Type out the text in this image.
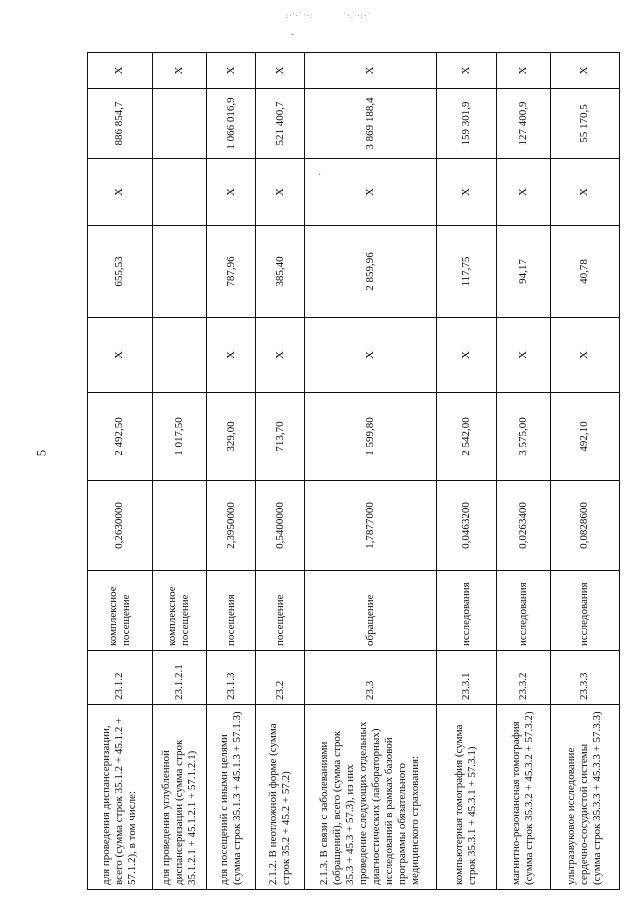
:·ˈ·˙ˑ·:	˙·.ˑ·:·˙
·
·
5
для проведения диспансеризации, всего (сумма строк 35.1.2 + 45.1.2 + 57.1.2), в том числе:	23.1.2	комплексное посещение	0,2630000	2 492,50	X	655,53	X	886 854,7	X
для проведения углубленной диспансеризации (сумма строк 35.1.2.1 + 45.1.2.1 + 57.1.2.1)	23.1.2.1	комплексное посещение		1 017,50					X
для посещений с иными целями (сумма строк 35.1.3 + 45.1.3 + 57.1.3)	23.1.3	посещения	2,3950000	329,00	X	787,96	X	1 066 016,9	X
2.1.2. В неотложной форме (сумма строк 35.2 + 45.2 + 57.2)	23.2	посещение	0,5400000	713,70	X	385,40	X	521 400,7	X
2.1.3. В связи с заболеваниями (обращений), всего (сумма строк 35.3 + 45.3 + 57.3), из них проведение следующих отдельных диагностических (лабораторных) исследований в рамках базовой программы обязательного медицинского страхования:	23.3	обращение	1,7877000	1 599,80	X	2 859,96	X	3 869 188,4	X
компьютерная томография (сумма строк 35.3.1 + 45.3.1 + 57.3.1)	23.3.1	исследования	0,0463200	2 542,00	X	117,75	X	159 301,9	X
магнитно-резонансная томография (сумма строк 35.3.2 + 45.3.2 + 57.3.2)	23.3.2	исследования	0,0263400	3 575,00	X	94,17	X	127 400,9	X
ультразвуковое исследование сердечно-сосудистой системы (сумма строк 35.3.3 + 45.3.3 + 57.3.3)	23.3.3	исследования	0,0828600	492,10	X	40,78	X	55 170,5	X
